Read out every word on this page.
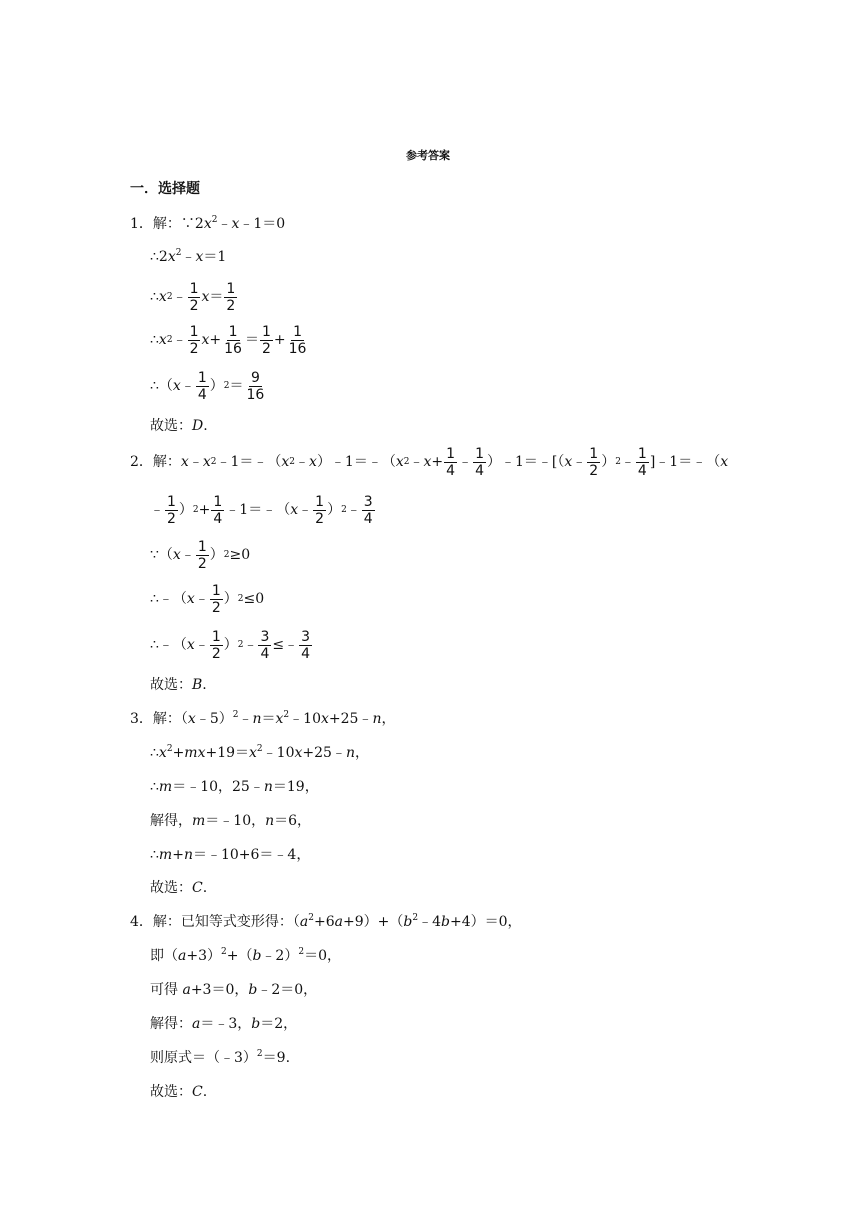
参考答案
一．选择题
1．解：$\because 2x^2﹣x﹣1=0$
$\therefore 2x^2﹣x=1$
∴ x 2 ﹣ $\frac{1}{2}$ $x = \frac{1}{2}$
∴ x 2 ﹣ $\frac{1}{2}$ $x + \frac{1}{16} = \frac{1}{2} + \frac{1}{16}$
∴（ x ﹣ $\frac{1}{4}$ ） $2 = \frac{9}{16}$
故选：D.
2． 解： x ﹣ x 2 ﹣1＝﹣（ x 2 ﹣ x ）﹣1＝﹣（ x 2 ﹣ $x + \frac{1}{4}$ ﹣ $\frac{1}{4}$ ）﹣1＝﹣[（ x ﹣ $\frac{1}{2}$ ） 2 ﹣ $\frac{1}{4}$ ]﹣1＝﹣（ x
﹣ $\frac{1}{2}$ ） $2 + \frac{1}{4}$ ﹣1＝﹣（ x ﹣ $\frac{1}{2}$ ） 2 ﹣ $\frac{3}{4}$
∵（ x ﹣ $\frac{1}{2}$ ） 2 ≥0
∴﹣（ x ﹣ $\frac{1}{2}$ ） 2 ≤0
∴﹣（ x ﹣ $\frac{1}{2}$ ） 2 ﹣ $\frac{3}{4}$ ≤﹣ $\frac{3}{4}$
故选：B.
3．解：$(x﹣5)^2﹣n=x^2﹣10x+25﹣n$，
$\therefore x^2+mx+19=x^2﹣10x+25﹣n$，
∴m＝﹣10，25﹣n＝19，
解得，m＝﹣10，n＝6，
∴m+n＝﹣10+6＝﹣4，
故选：C.
4．解：已知等式变形得：$(a^2+6a+9)+(b^2﹣4b+4)=0$，
即$(a+3)^2+(b﹣2)^2=0$，
可得 a+3＝0，b﹣2＝0，
解得：a＝﹣3，b＝2，
则原式＝（﹣3）$^2$＝9.
故选：C.
